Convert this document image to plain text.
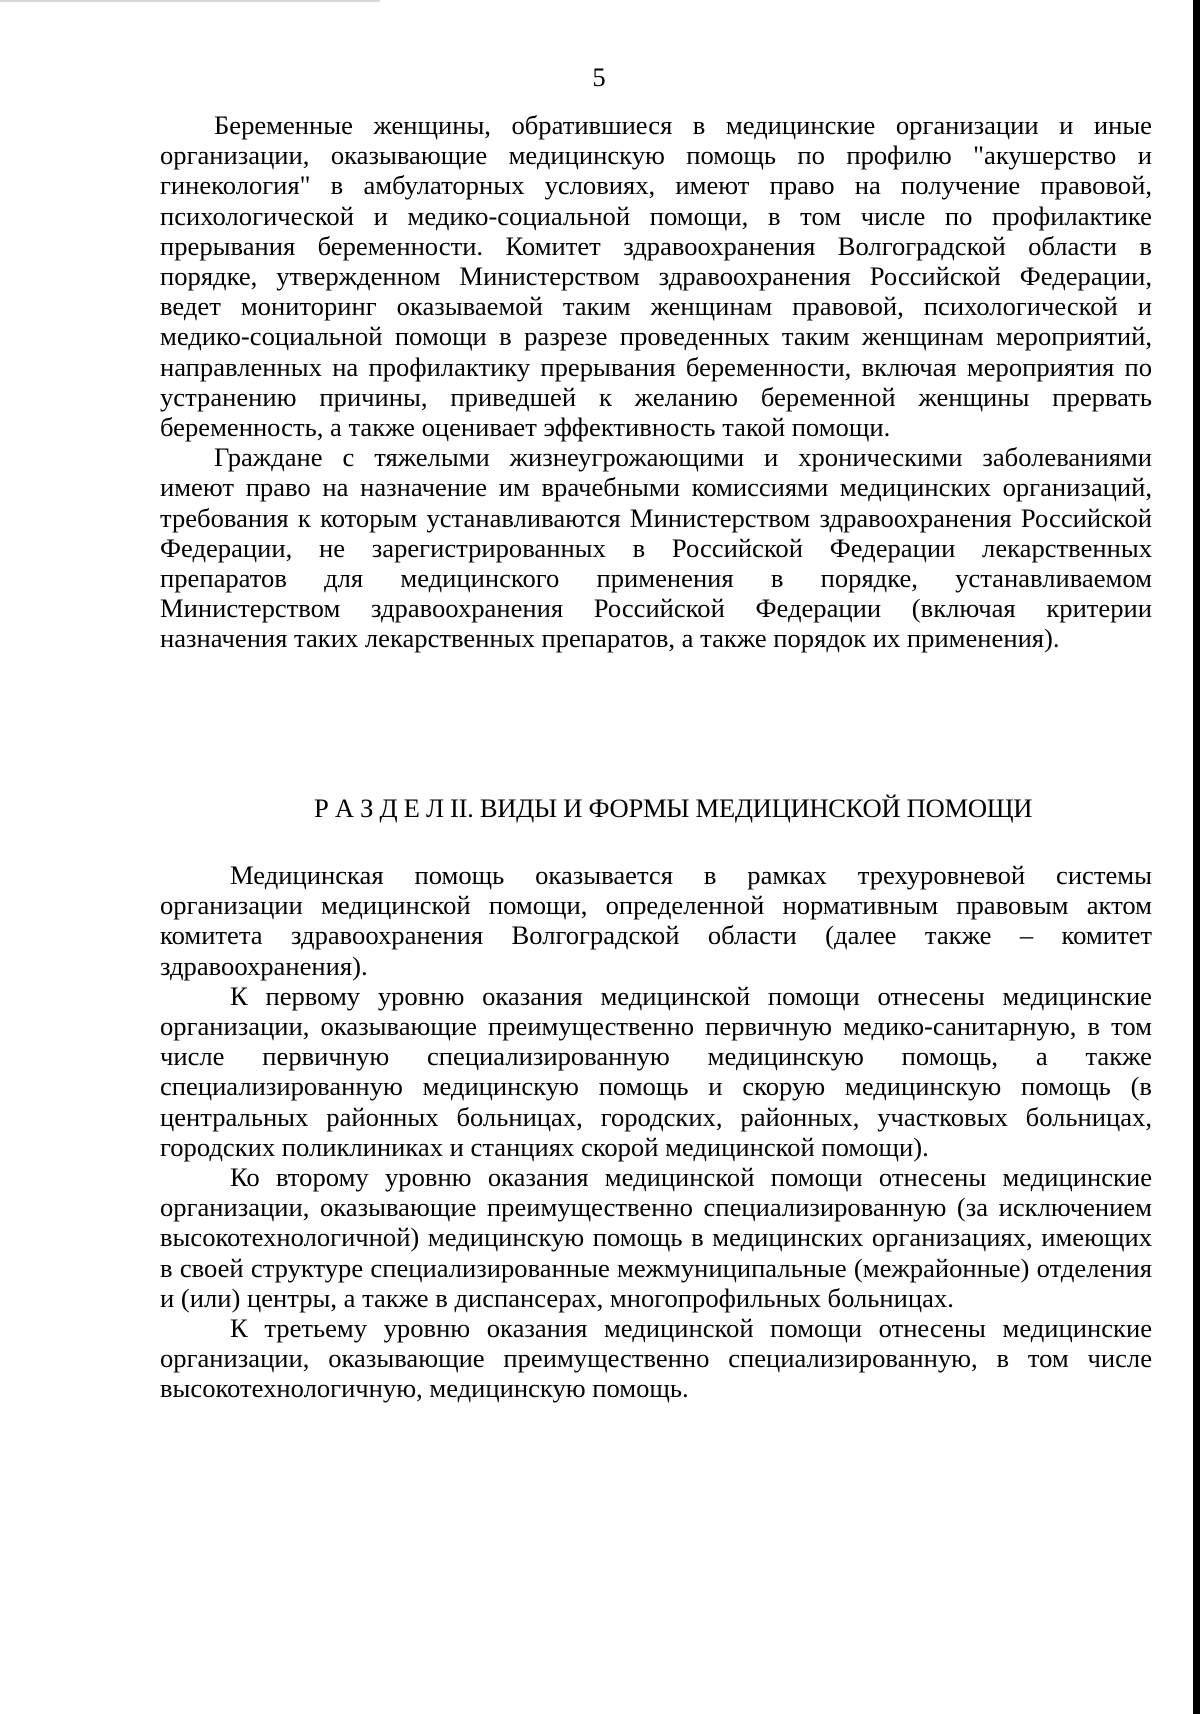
5

Беременные женщины, обратившиеся в медицинские организации и иные организации, оказывающие медицинскую помощь по профилю "акушерство и гинекология" в амбулаторных условиях, имеют право на получение правовой, психологической и медико-социальной помощи, в том числе по профилактике прерывания беременности. Комитет здравоохранения Волгоградской области в порядке, утвержденном Министерством здравоохранения Российской Федерации, ведет мониторинг оказываемой таким женщинам правовой, психологической и медико-социальной помощи в разрезе проведенных таким женщинам мероприятий, направленных на профилактику прерывания беременности, включая мероприятия по устранению причины, приведшей к желанию беременной женщины прервать беременность, а также оценивает эффективность такой помощи.

Граждане с тяжелыми жизнеугрожающими и хроническими заболеваниями имеют право на назначение им врачебными комиссиями медицинских организаций, требования к которым устанавливаются Министерством здравоохранения Российской Федерации, не зарегистрированных в Российской Федерации лекарственных препаратов для медицинского применения в порядке, устанавливаемом Министерством здравоохранения Российской Федерации (включая критерии назначения таких лекарственных препаратов, а также порядок их применения).

Р А З Д Е Л II. ВИДЫ И ФОРМЫ МЕДИЦИНСКОЙ ПОМОЩИ

Медицинская помощь оказывается в рамках трехуровневой системы организации медицинской помощи, определенной нормативным правовым актом комитета здравоохранения Волгоградской области (далее также – комитет здравоохранения).

К первому уровню оказания медицинской помощи отнесены медицинские организации, оказывающие преимущественно первичную медико-санитарную, в том числе первичную специализированную медицинскую помощь, а также специализированную медицинскую помощь и скорую медицинскую помощь (в центральных районных больницах, городских, районных, участковых больницах, городских поликлиниках и станциях скорой медицинской помощи).

Ко второму уровню оказания медицинской помощи отнесены медицинские организации, оказывающие преимущественно специализированную (за исключением высокотехнологичной) медицинскую помощь в медицинских организациях, имеющих в своей структуре специализированные межмуниципальные (межрайонные) отделения и (или) центры, а также в диспансерах, многопрофильных больницах.

К третьему уровню оказания медицинской помощи отнесены медицинские организации, оказывающие преимущественно специализированную, в том числе высокотехнологичную, медицинскую помощь.
